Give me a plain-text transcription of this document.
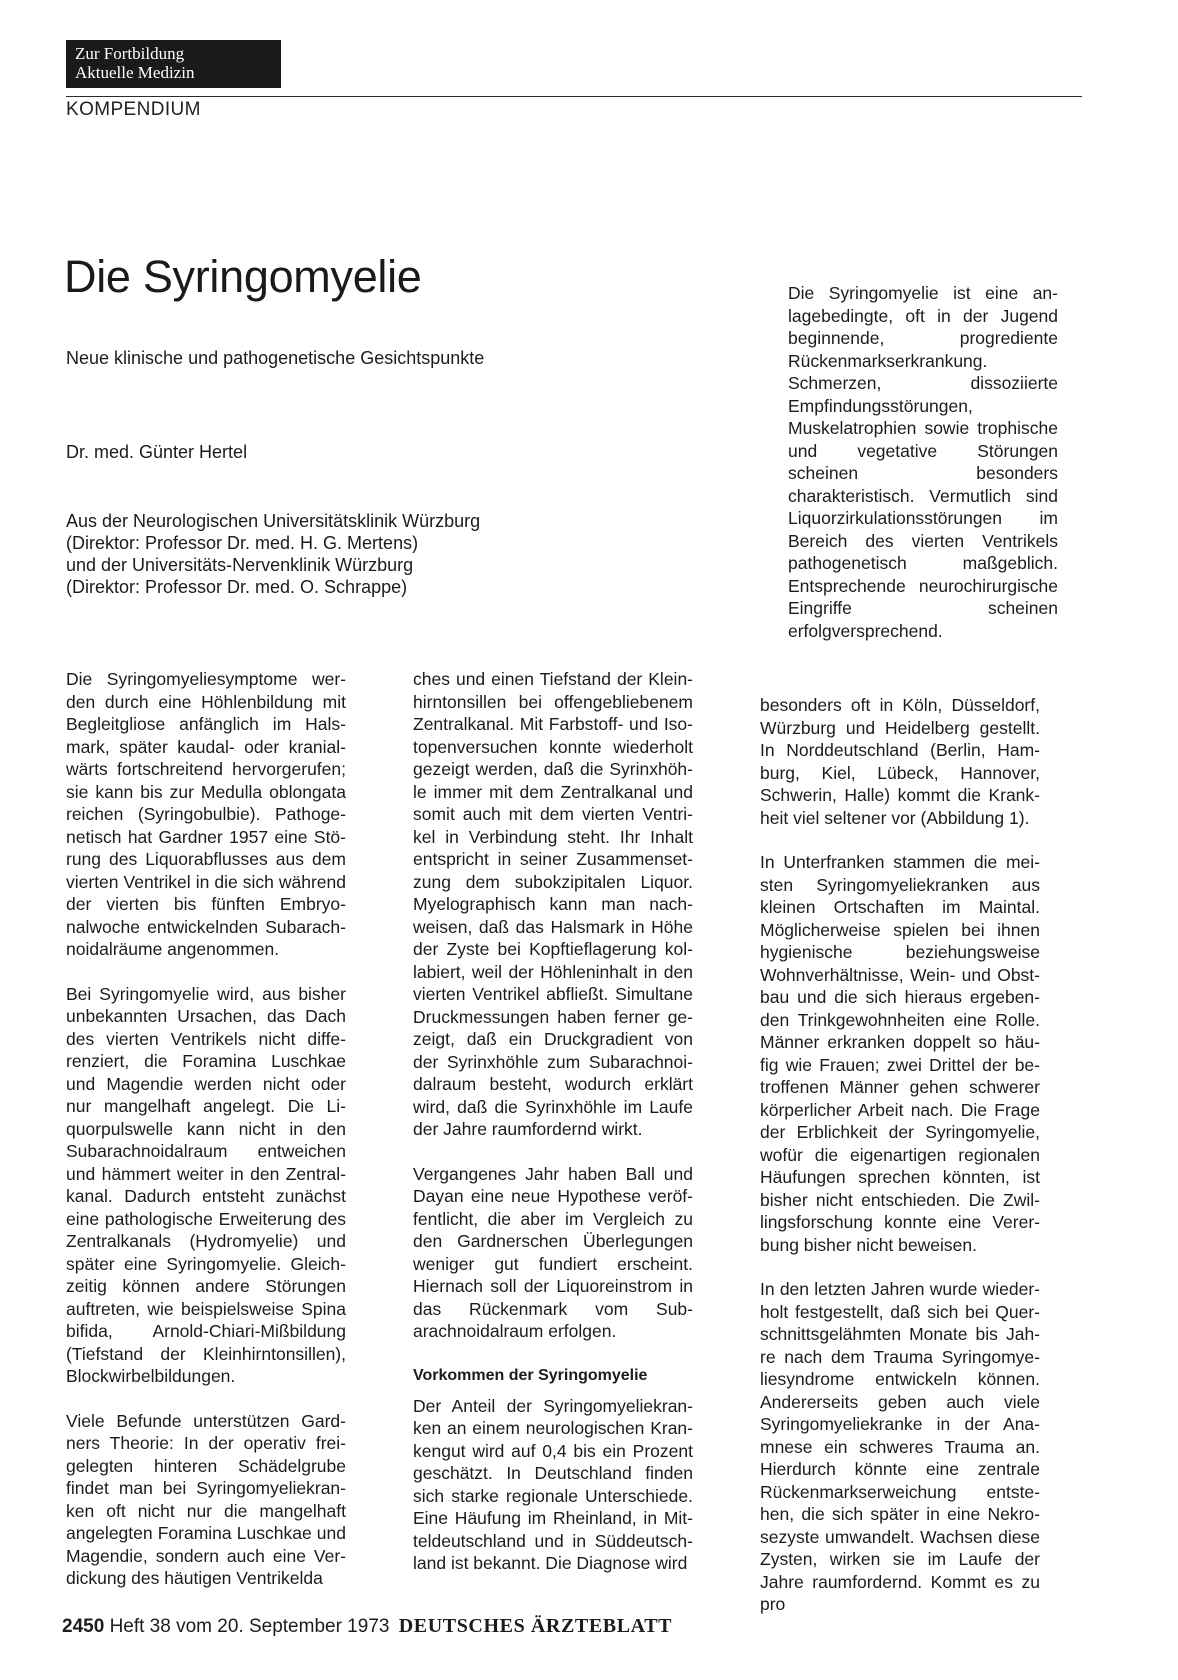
Zur Fortbildung
Aktuelle Medizin
KOMPENDIUM
Die Syringomyelie

Neue klinische und pathogenetische Gesichtspunkte

Dr. med. Günter Hertel

Aus der Neurologischen Universitätsklinik Würzburg
(Direktor: Professor Dr. med. H. G. Mertens)
und der Universitäts-Nervenklinik Würzburg
(Direktor: Professor Dr. med. O. Schrappe)

Die Syringomyelie ist eine anlagebedingte, oft in der Jugend beginnende, progrediente Rückenmarkserkrankung. Schmerzen, dissoziierte Empfindungsstörungen, Muskelatrophien sowie trophische und vegetative Störungen scheinen besonders charakteristisch. Vermutlich sind Liquorzirkulationsstörungen im Bereich des vierten Ventrikels pathogenetisch maßgeblich. Entsprechende neurochirurgische Eingriffe scheinen erfolgversprechend.

Die Syringomyeliesymptome werden durch eine Höhlenbildung mit Begleitgliose anfänglich im Halsmark, später kaudal- oder kranialwärts fortschreitend hervorgerufen; sie kann bis zur Medulla oblongata reichen (Syringobulbie). Pathogenetisch hat Gardner 1957 eine Störung des Liquorabflusses aus dem vierten Ventrikel in die sich während der vierten bis fünften Embryonalwoche entwickelnden Subarachnoidalräume angenommen.

Bei Syringomyelie wird, aus bisher unbekannten Ursachen, das Dach des vierten Ventrikels nicht differenziert, die Foramina Luschkae und Magendie werden nicht oder nur mangelhaft angelegt. Die Liquorpulswelle kann nicht in den Subarachnoidalraum entweichen und hämmert weiter in den Zentralkanal. Dadurch entsteht zunächst eine pathologische Erweiterung des Zentralkanals (Hydromyelie) und später eine Syringomyelie. Gleichzeitig können andere Störungen auftreten, wie beispielsweise Spina bifida, Arnold-Chiari-Mißbildung (Tiefstand der Kleinhirntonsillen), Blockwirbelbildungen.

Viele Befunde unterstützen Gardners Theorie: In der operativ freigelegten hinteren Schädelgrube findet man bei Syringomyeliekranken oft nicht nur die mangelhaft angelegten Foramina Luschkae und Magendie, sondern auch eine Verdickung des häutigen Ventrikelda

ches und einen Tiefstand der Kleinhirntonsillen bei offengebliebenem Zentralkanal. Mit Farbstoff- und Isotopenversuchen konnte wiederholt gezeigt werden, daß die Syrinxhöhle immer mit dem Zentralkanal und somit auch mit dem vierten Ventrikel in Verbindung steht. Ihr Inhalt entspricht in seiner Zusammensetzung dem subokzipitalen Liquor. Myelographisch kann man nachweisen, daß das Halsmark in Höhe der Zyste bei Kopftieflagerung kollabiert, weil der Höhleninhalt in den vierten Ventrikel abfließt. Simultane Druckmessungen haben ferner gezeigt, daß ein Druckgradient von der Syrinxhöhle zum Subarachnoidalraum besteht, wodurch erklärt wird, daß die Syrinxhöhle im Laufe der Jahre raumfordernd wirkt.

Vergangenes Jahr haben Ball und Dayan eine neue Hypothese veröffentlicht, die aber im Vergleich zu den Gardnerschen Überlegungen weniger gut fundiert erscheint. Hiernach soll der Liquoreinstrom in das Rückenmark vom Subarachnoidalraum erfolgen.

Vorkommen der Syringomyelie

Der Anteil der Syringomyeliekranken an einem neurologischen Krankengut wird auf 0,4 bis ein Prozent geschätzt. In Deutschland finden sich starke regionale Unterschiede. Eine Häufung im Rheinland, in Mitteldeutschland und in Süddeutschland ist bekannt. Die Diagnose wird

besonders oft in Köln, Düsseldorf, Würzburg und Heidelberg gestellt. In Norddeutschland (Berlin, Hamburg, Kiel, Lübeck, Hannover, Schwerin, Halle) kommt die Krankheit viel seltener vor (Abbildung 1).

In Unterfranken stammen die meisten Syringomyeliekranken aus kleinen Ortschaften im Maintal. Möglicherweise spielen bei ihnen hygienische beziehungsweise Wohnverhältnisse, Wein- und Obstbau und die sich hieraus ergebenden Trinkgewohnheiten eine Rolle. Männer erkranken doppelt so häufig wie Frauen; zwei Drittel der betroffenen Männer gehen schwerer körperlicher Arbeit nach. Die Frage der Erblichkeit der Syringomyelie, wofür die eigenartigen regionalen Häufungen sprechen könnten, ist bisher nicht entschieden. Die Zwillingsforschung konnte eine Vererbung bisher nicht beweisen.

In den letzten Jahren wurde wiederholt festgestellt, daß sich bei Querschnittsgelähmten Monate bis Jahre nach dem Trauma Syringomyeliesyndrome entwickeln können. Andererseits geben auch viele Syringomyeliekranke in der Anamnese ein schweres Trauma an. Hierdurch könnte eine zentrale Rückenmarkserweichung entstehen, die sich später in eine Nekrosezyste umwandelt. Wachsen diese Zysten, wirken sie im Laufe der Jahre raumfordernd. Kommt es zu pro

2450 Heft 38 vom 20. September 1973 DEUTSCHES ÄRZTEBLATT
